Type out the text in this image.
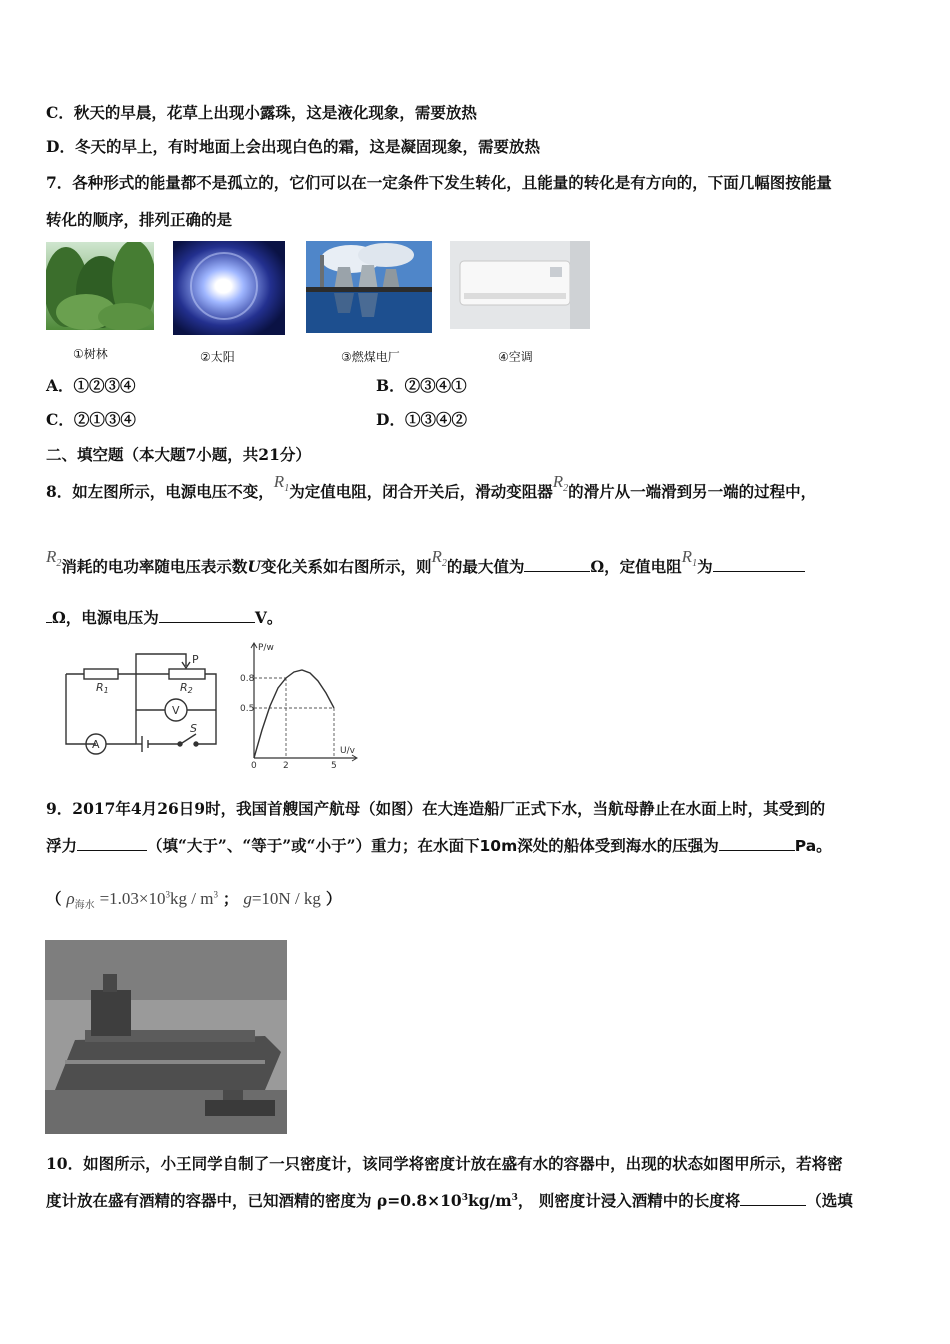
C．秋天的早晨，花草上出现小露珠，这是液化现象，需要放热
D．冬天的早上，有时地面上会出现白色的霜，这是凝固现象，需要放热
7．各种形式的能量都不是孤立的，它们可以在一定条件下发生转化，且能量的转化是有方向的，下面几幅图按能量
转化的顺序，排列正确的是
①树林	②太阳	③燃煤电厂	④空调
A．①②③④	B．②③④①
C．②①③④	D．①③④②
二、填空题（本大题7小题，共21分）
8．如左图所示，电源电压不变，$R_1$为定值电阻，闭合开关后，滑动变阻器$R_2$的滑片从一端滑到另一端的过程中，
$R_2$消耗的电功率随电压表示数U变化关系如右图所示，则$R_2$的最大值为	Ω，定值电阻$R_1$为
Ω，电源电压为	V。
R1	R2
P
V
A
S
P/w
U/v
0	2	5
0.8
0.5
9．2017年4月26日9时，我国首艘国产航母（如图）在大连造船厂正式下水，当航母静止在水面上时，其受到的
浮力	（填“大于”、“等于”或“小于”）重力；在水面下10m深处的船体受到海水的压强为	Pa。
（ $\rho_{海水} =1.03\times 10^3kg / m^3$ ； g=10N / kg ）
10．如图所示，小王同学自制了一只密度计，该同学将密度计放在盛有水的容器中，出现的状态如图甲所示，若将密
度计放在盛有酒精的容器中，已知酒精的密度为 $\rho=0.8\times 10^3kg/m^3$， 则密度计浸入酒精中的长度将	（选填
